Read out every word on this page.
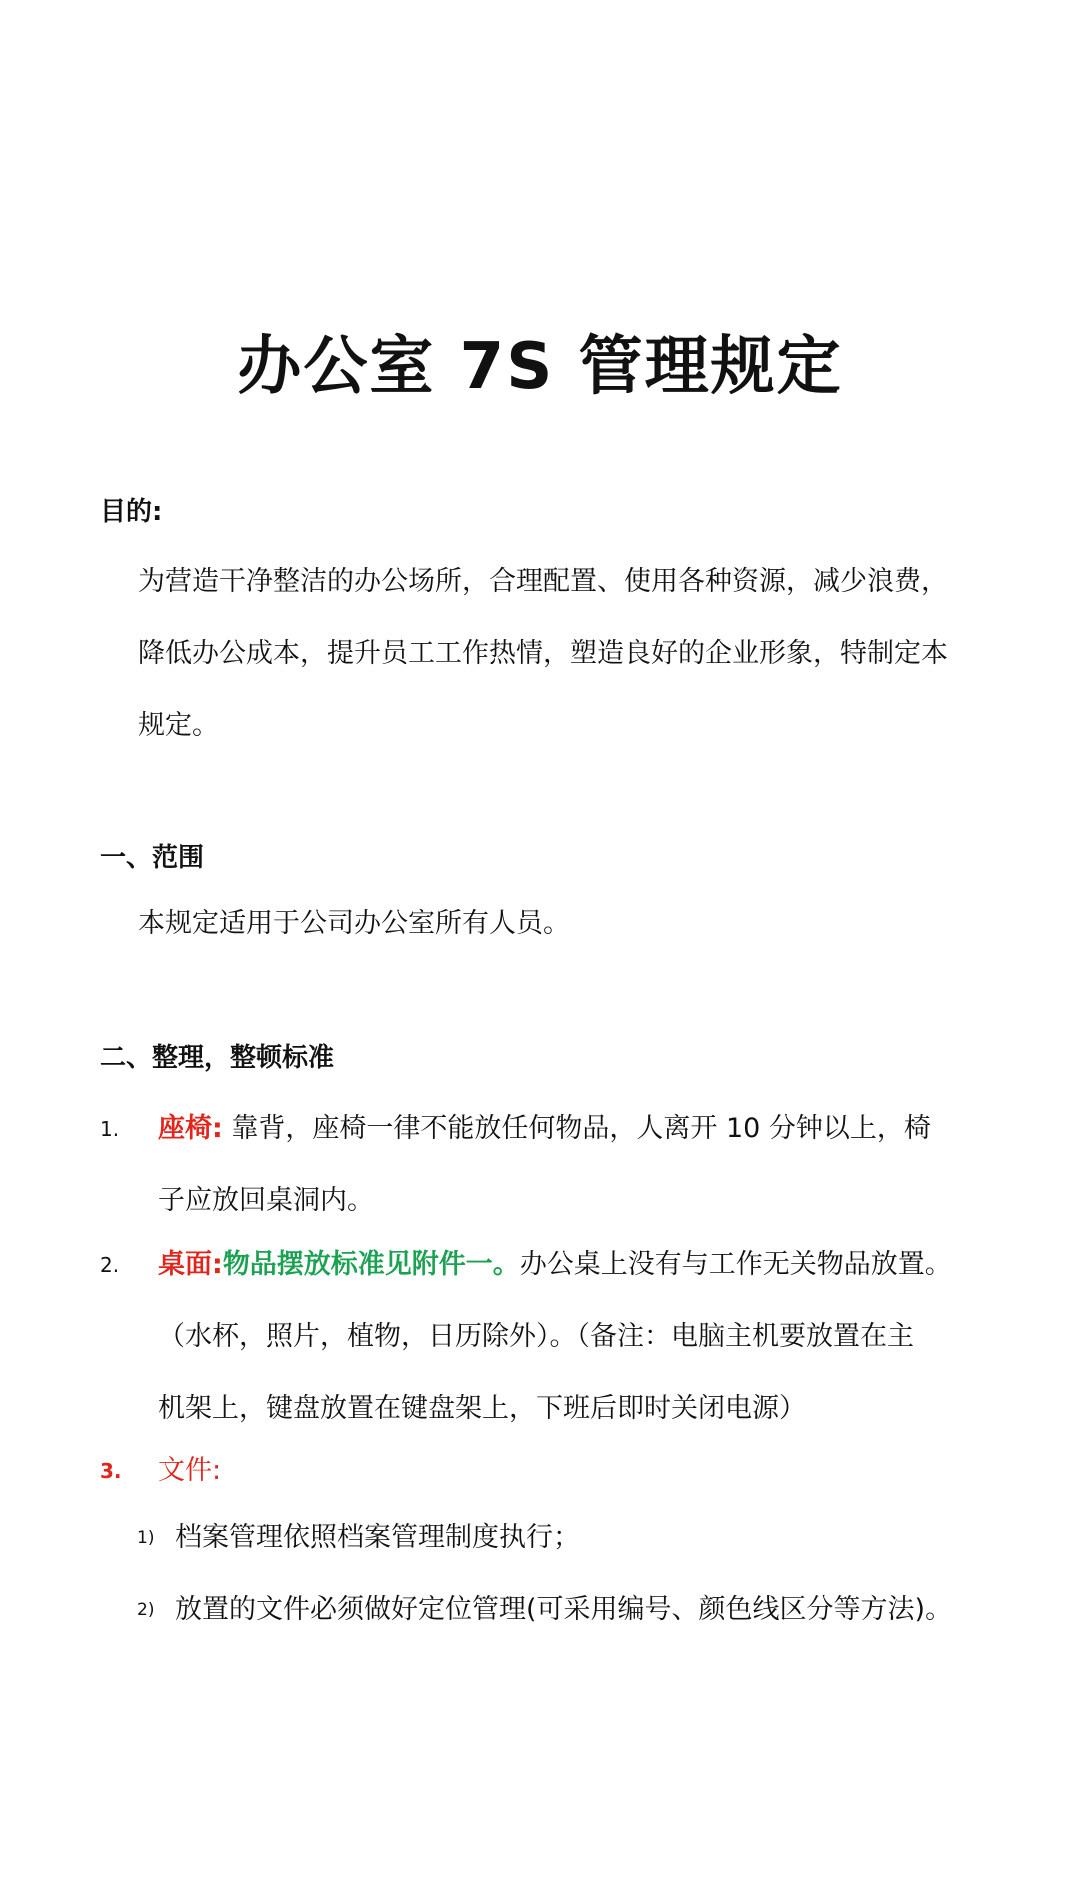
办公室 7S 管理规定
目的:
为营造干净整洁的办公场所，合理配置、使用各种资源，减少浪费，
降低办公成本，提升员工工作热情，塑造良好的企业形象，特制定本
规定。
一、范围
本规定适用于公司办公室所有人员。
二、整理，整顿标准
1. 座椅: 靠背，座椅一律不能放任何物品，人离开 10 分钟以上，椅
子应放回桌洞内。
2. 桌面:物品摆放标准见附件一。办公桌上没有与工作无关物品放置。
（水杯，照片，植物，日历除外）。（备注：电脑主机要放置在主
机架上，键盘放置在键盘架上，下班后即时关闭电源）
3. 文件:
1) 档案管理依照档案管理制度执行；
2) 放置的文件必须做好定位管理(可采用编号、颜色线区分等方法)。
